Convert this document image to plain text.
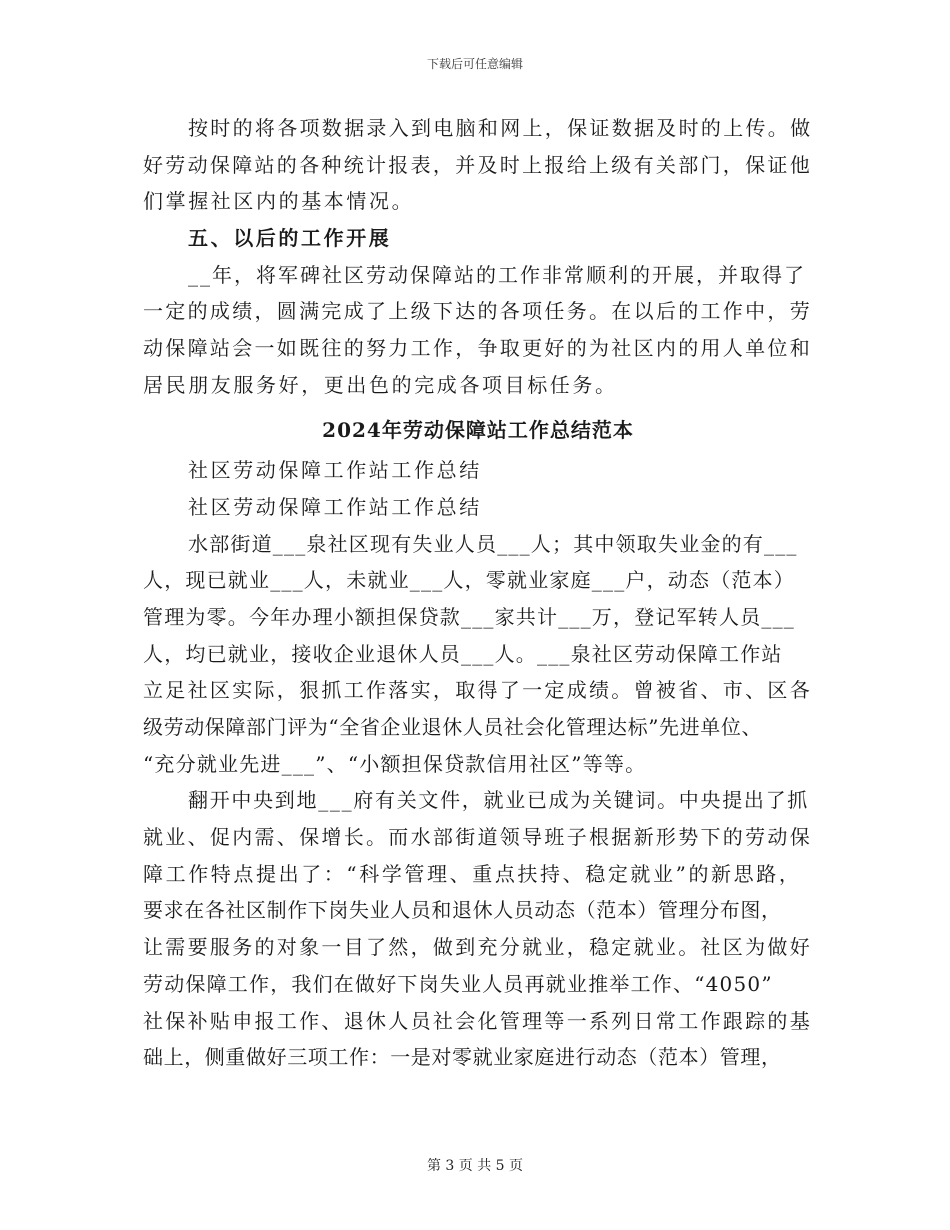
下载后可任意编辑
按时的将各项数据录入到电脑和网上，保证数据及时的上传。做
好劳动保障站的各种统计报表，并及时上报给上级有关部门，保证他
们掌握社区内的基本情况。
五、以后的工作开展
__年，将军碑社区劳动保障站的工作非常顺利的开展，并取得了
一定的成绩，圆满完成了上级下达的各项任务。在以后的工作中，劳
动保障站会一如既往的努力工作，争取更好的为社区内的用人单位和
居民朋友服务好，更出色的完成各项目标任务。
2024年劳动保障站工作总结范本
社区劳动保障工作站工作总结
社区劳动保障工作站工作总结
水部街道___泉社区现有失业人员___人；其中领取失业金的有___
人，现已就业___人，未就业___人，零就业家庭___户，动态（范本）
管理为零。今年办理小额担保贷款___家共计___万，登记军转人员___
人，均已就业，接收企业退休人员___人。___泉社区劳动保障工作站
立足社区实际，狠抓工作落实，取得了一定成绩。曾被省、市、区各
级劳动保障部门评为“全省企业退休人员社会化管理达标”先进单位、
“充分就业先进___”、“小额担保贷款信用社区”等等。
翻开中央到地___府有关文件，就业已成为关键词。中央提出了抓
就业、促内需、保增长。而水部街道领导班子根据新形势下的劳动保
障工作特点提出了：“科学管理、重点扶持、稳定就业”的新思路，
要求在各社区制作下岗失业人员和退休人员动态（范本）管理分布图，
让需要服务的对象一目了然，做到充分就业，稳定就业。社区为做好
劳动保障工作，我们在做好下岗失业人员再就业推举工作、“4050”
社保补贴申报工作、退休人员社会化管理等一系列日常工作跟踪的基
础上，侧重做好三项工作：一是对零就业家庭进行动态（范本）管理，
第 3 页 共 5 页
